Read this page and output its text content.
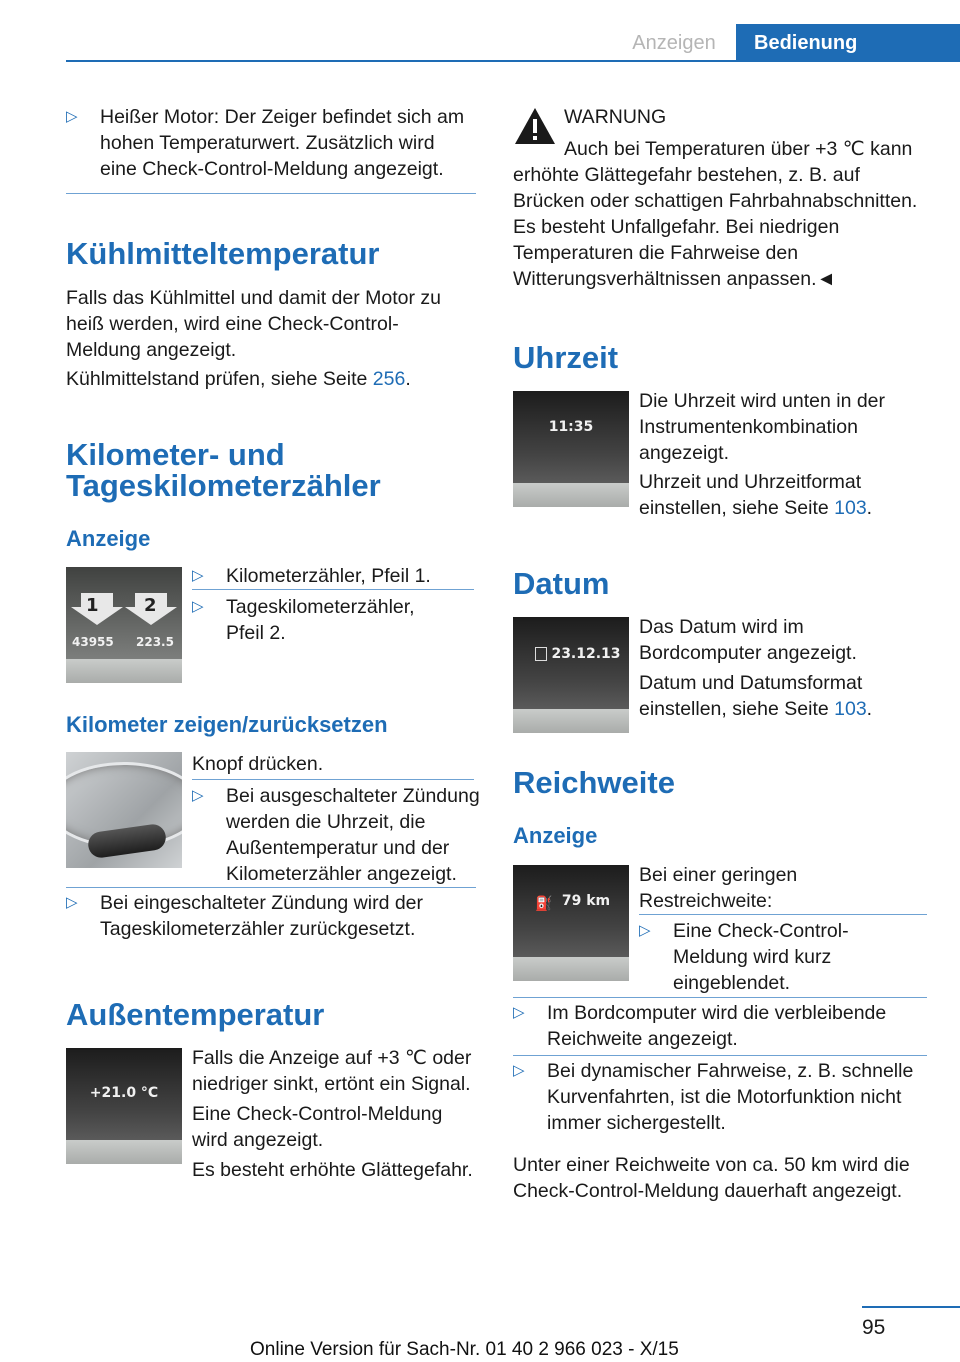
Anzeigen	Bedienung
▷	Heißer Motor: Der Zeiger befindet sich am hohen Temperaturwert. Zusätzlich wird eine Check-Control-Meldung angezeigt.
Kühlmitteltemperatur
Falls das Kühlmittel und damit der Motor zu heiß werden, wird eine Check-Control-Meldung angezeigt.
Kühlmittelstand prüfen, siehe Seite 256.
Kilometer- und
Tageskilometerzähler
Anzeige
1	2
43955 223.5
▷	Kilometerzähler, Pfeil 1.
▷	Tageskilometerzähler, Pfeil 2.
Kilometer zeigen/zurücksetzen
Knopf drücken.
▷	Bei ausgeschalteter Zündung werden die Uhrzeit, die Außentemperatur und der Kilometerzähler angezeigt.
▷	Bei eingeschalteter Zündung wird der Tageskilometerzähler zurückgesetzt.
Außentemperatur
+21.0 °C
Falls die Anzeige auf +3 ℃ oder niedriger sinkt, ertönt ein Signal.
Eine Check-Control-Meldung wird angezeigt.
Es besteht erhöhte Glättegefahr.
WARNUNG
Auch bei Temperaturen über +3 ℃ kann erhöhte Glättegefahr bestehen, z. B. auf Brücken oder schattigen Fahrbahnabschnitten. Es besteht Unfallgefahr. Bei niedrigen Temperaturen die Fahrweise den Witterungsverhältnissen anpassen.◄
Uhrzeit
11:35
Die Uhrzeit wird unten in der Instrumentenkombination angezeigt.
Uhrzeit und Uhrzeitformat einstellen, siehe Seite 103.
Datum
23.12.13
Das Datum wird im Bordcomputer angezeigt.
Datum und Datumsformat einstellen, siehe Seite 103.
Reichweite
Anzeige
⛽ 79 km
Bei einer geringen Restreichweite:
▷	Eine Check-Control-Meldung wird kurz eingeblendet.
▷	Im Bordcomputer wird die verbleibende Reichweite angezeigt.
▷	Bei dynamischer Fahrweise, z. B. schnelle Kurvenfahrten, ist die Motorfunktion nicht immer sichergestellt.
Unter einer Reichweite von ca. 50 km wird die Check-Control-Meldung dauerhaft angezeigt.
95
Online Version für Sach-Nr. 01 40 2 966 023 - X/15
